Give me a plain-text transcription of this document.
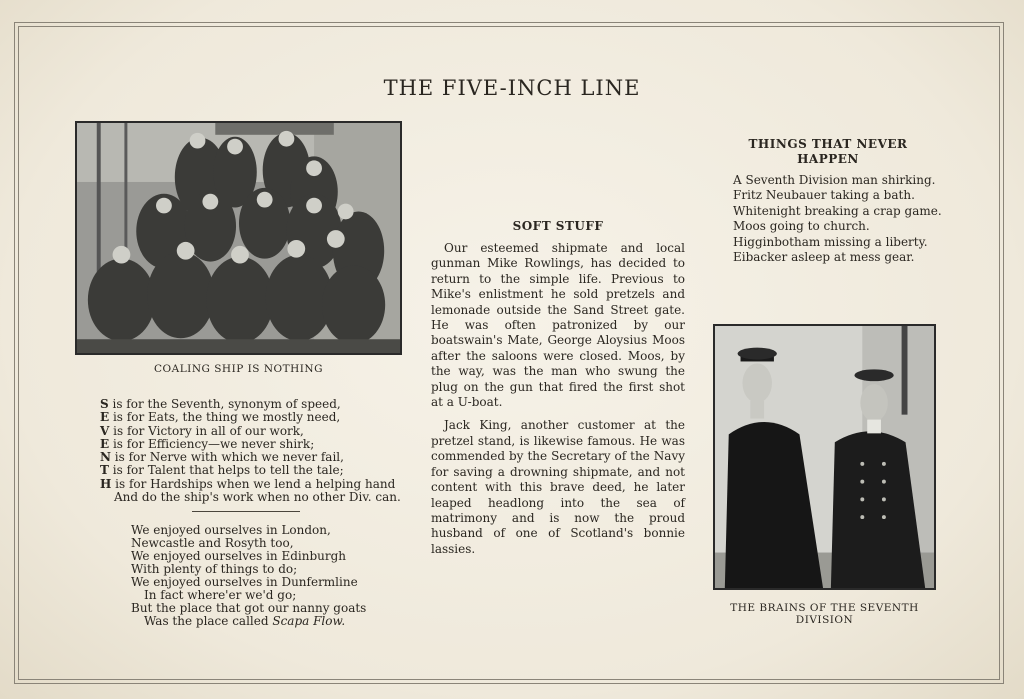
THE FIVE-INCH LINE

COALING SHIP IS NOTHING

S is for the Seventh, synonym of speed,
E is for Eats, the thing we mostly need,
V is for Victory in all of our work,
E is for Efficiency—we never shirk;
N is for Nerve with which we never fail,
T is for Talent that helps to tell the tale;
H is for Hardships when we lend a helping hand
And do the ship's work when no other Div. can.
We enjoyed ourselves in London,
Newcastle and Rosyth too,
We enjoyed ourselves in Edinburgh
With plenty of things to do;
We enjoyed ourselves in Dunfermline
In fact where'er we'd go;
But the place that got our nanny goats
Was the place called Scapa Flow.
SOFT STUFF

Our esteemed shipmate and local gunman Mike Rowlings, has decided to return to the simple life. Previous to Mike's enlistment he sold pretzels and lemonade outside the Sand Street gate. He was often patronized by our boatswain's Mate, George Aloysius Moos after the saloons were closed. Moos, by the way, was the man who swung the plug on the gun that fired the first shot at a U-boat.

Jack King, another customer at the pretzel stand, is likewise famous. He was commended by the Secretary of the Navy for saving a drowning shipmate, and not content with this brave deed, he later leaped headlong into the sea of matrimony and is now the proud husband of one of Scotland's bonnie lassies.

THINGS THAT NEVER
HAPPEN
A Seventh Division man shirking.
Fritz Neubauer taking a bath.
Whitenight breaking a crap game.
Moos going to church.
Higginbotham missing a liberty.
Eibacker asleep at mess gear.

THE BRAINS OF THE SEVENTH
DIVISION
